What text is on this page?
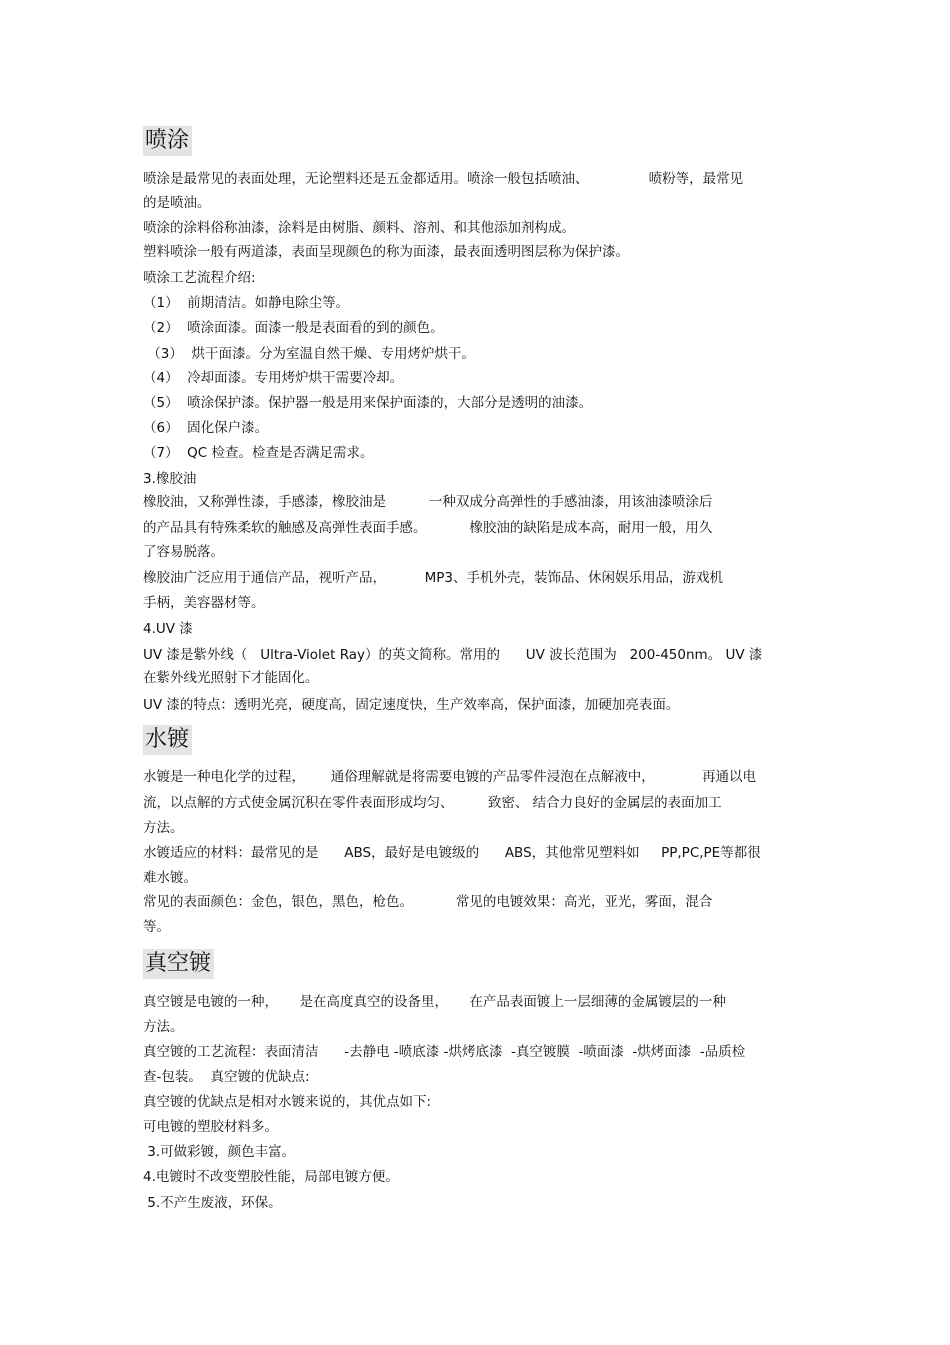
喷涂
喷涂是最常见的表面处理，无论塑料还是五金都适用。喷涂一般包括喷油、              喷粉等，最常见
的是喷油。
喷涂的涂料俗称油漆，涂料是由树脂、颜料、溶剂、和其他添加剂构成。
塑料喷涂一般有两道漆，表面呈现颜色的称为面漆，最表面透明图层称为保护漆。
喷涂工艺流程介绍:
（1）  前期清洁。如静电除尘等。
（2）  喷涂面漆。面漆一般是表面看的到的颜色。
（3）  烘干面漆。分为室温自然干燥、专用烤炉烘干。
（4）  冷却面漆。专用烤炉烘干需要冷却。
（5）  喷涂保护漆。保护器一般是用来保护面漆的，大部分是透明的油漆。
（6）  固化保户漆。
（7）  QC 检查。检查是否满足需求。
3.橡胶油
橡胶油，又称弹性漆，手感漆，橡胶油是          一种双成分高弹性的手感油漆，用该油漆喷涂后
的产品具有特殊柔软的触感及高弹性表面手感。          橡胶油的缺陷是成本高，耐用一般，用久
了容易脱落。
橡胶油广泛应用于通信产品，视听产品，         MP3、手机外壳，装饰品、休闲娱乐用品，游戏机
手柄，美容器材等。
4.UV 漆
UV 漆是紫外线（   Ultra-Violet Ray）的英文简称。常用的      UV 波长范围为   200-450nm。 UV 漆
在紫外线光照射下才能固化。
UV 漆的特点：透明光亮，硬度高，固定速度快，生产效率高，保护面漆，加硬加亮表面。
水镀
水镀是一种电化学的过程，      通俗理解就是将需要电镀的产品零件浸泡在点解液中，           再通以电
流，以点解的方式使金属沉积在零件表面形成均匀、        致密、 结合力良好的金属层的表面加工
方法。
水镀适应的材料：最常见的是      ABS，最好是电镀级的      ABS，其他常见塑料如     PP,PC,PE等都很
难水镀。
常见的表面颜色：金色，银色，黑色，枪色。          常见的电镀效果：高光，亚光，雾面，混合
等。
真空镀
真空镀是电镀的一种，     是在高度真空的设备里，     在产品表面镀上一层细薄的金属镀层的一种
方法。
真空镀的工艺流程：表面清洁      -去静电 -喷底漆 -烘烤底漆  -真空镀膜  -喷面漆  -烘烤面漆  -品质检
查-包装。  真空镀的优缺点:
真空镀的优缺点是相对水镀来说的，其优点如下:
可电镀的塑胶材料多。
3.可做彩镀，颜色丰富。
4.电镀时不改变塑胶性能，局部电镀方便。
5.不产生废液，环保。
